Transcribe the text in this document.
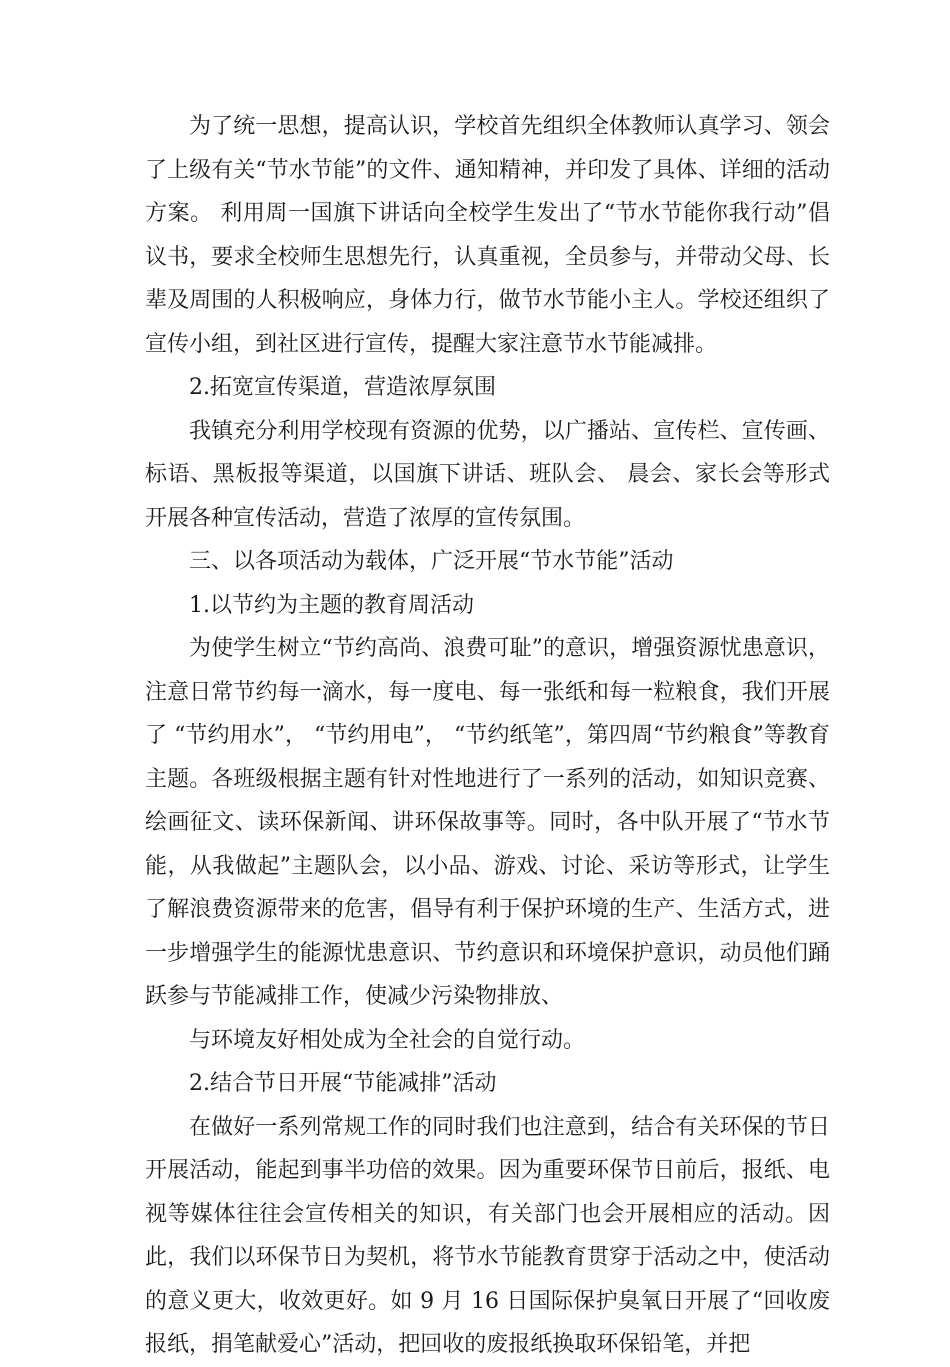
为了统一思想，提高认识，学校首先组织全体教师认真学习、领会了上级有关“节水节能”的文件、通知精神，并印发了具体、详细的活动方案。 利用周一国旗下讲话向全校学生发出了“节水节能你我行动”倡议书，要求全校师生思想先行，认真重视，全员参与，并带动父母、长辈及周围的人积极响应，身体力行，做节水节能小主人。学校还组织了宣传小组，到社区进行宣传，提醒大家注意节水节能减排。

2.拓宽宣传渠道，营造浓厚氛围

我镇充分利用学校现有资源的优势，以广播站、宣传栏、宣传画、标语、黑板报等渠道，以国旗下讲话、班队会、 晨会、家长会等形式开展各种宣传活动，营造了浓厚的宣传氛围。

三、以各项活动为载体，广泛开展“节水节能”活动

1.以节约为主题的教育周活动

为使学生树立“节约高尚、浪费可耻”的意识，增强资源忧患意识，注意日常节约每一滴水，每一度电、每一张纸和每一粒粮食，我们开展了 “节约用水”， “节约用电”， “节约纸笔”，第四周“节约粮食”等教育主题。各班级根据主题有针对性地进行了一系列的活动，如知识竞赛、绘画征文、读环保新闻、讲环保故事等。同时，各中队开展了“节水节能，从我做起”主题队会，以小品、游戏、讨论、采访等形式，让学生了解浪费资源带来的危害，倡导有利于保护环境的生产、生活方式，进一步增强学生的能源忧患意识、节约意识和环境保护意识，动员他们踊跃参与节能减排工作，使减少污染物排放、

与环境友好相处成为全社会的自觉行动。

2.结合节日开展“节能减排”活动

在做好一系列常规工作的同时我们也注意到，结合有关环保的节日开展活动，能起到事半功倍的效果。因为重要环保节日前后，报纸、电视等媒体往往会宣传相关的知识，有关部门也会开展相应的活动。因此，我们以环保节日为契机，将节水节能教育贯穿于活动之中，使活动的意义更大，收效更好。如 9 月 16 日国际保护臭氧日开展了“回收废报纸，捐笔献爱心”活动，把回收的废报纸换取环保铅笔，并把
